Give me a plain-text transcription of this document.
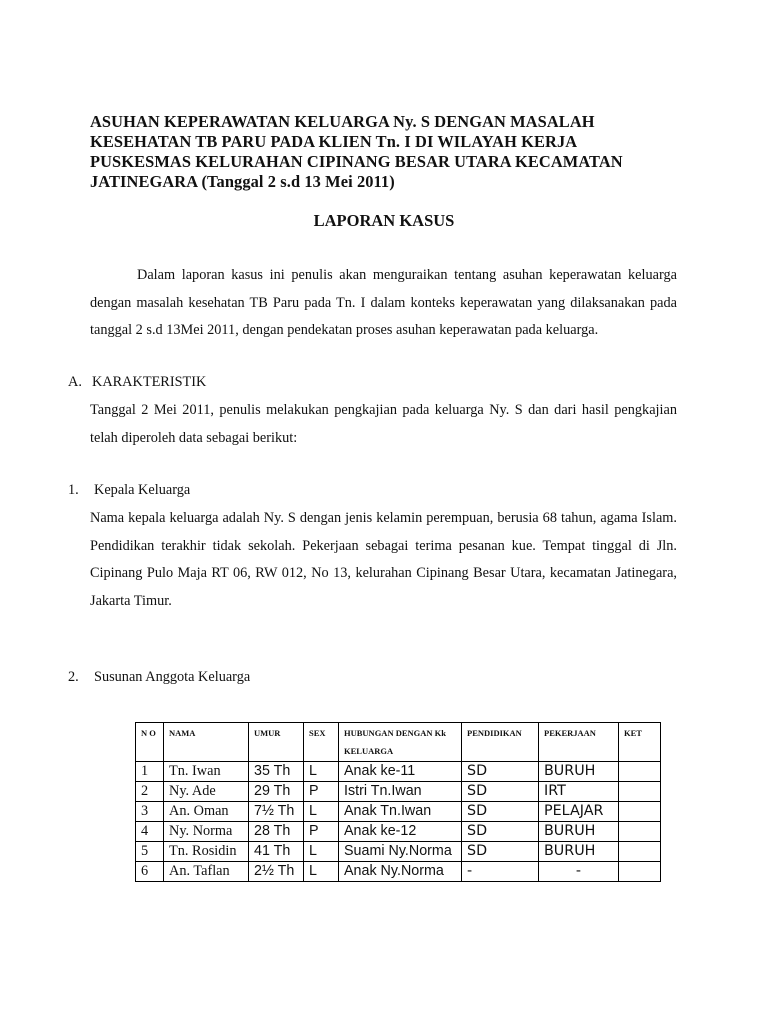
ASUHAN KEPERAWATAN KELUARGA Ny. S DENGAN MASALAH
KESEHATAN TB PARU PADA KLIEN Tn. I DI WILAYAH KERJA
PUSKESMAS KELURAHAN CIPINANG BESAR UTARA KECAMATAN
JATINEGARA (Tanggal 2 s.d 13 Mei 2011)
LAPORAN KASUS

Dalam laporan kasus ini penulis akan menguraikan tentang asuhan keperawatan keluarga dengan masalah kesehatan TB Paru pada Tn. I dalam konteks keperawatan yang dilaksanakan pada tanggal 2 s.d 13Mei 2011, dengan pendekatan proses asuhan keperawatan pada keluarga.

A. KARAKTERISTIK

Tanggal 2 Mei 2011, penulis melakukan pengkajian pada keluarga Ny. S dan dari hasil pengkajian telah diperoleh data sebagai berikut:

1. Kepala Keluarga

Nama kepala keluarga adalah Ny. S dengan jenis kelamin perempuan, berusia 68 tahun, agama Islam. Pendidikan terakhir tidak sekolah. Pekerjaan sebagai terima pesanan kue. Tempat tinggal di Jln. Cipinang Pulo Maja RT 06, RW 012, No 13, kelurahan Cipinang Besar Utara, kecamatan Jatinegara, Jakarta Timur.

2. Susunan Anggota Keluarga
N O	NAMA	UMUR	SEX	HUBUNGAN DENGAN Kk KELUARGA	PENDIDIKAN	PEKERJAAN	KET
1	Tn. Iwan	35 Th	L	Anak ke-11	SD	BURUH	
2	Ny. Ade	29 Th	P	Istri Tn.Iwan	SD	IRT	
3	An. Oman	7½ Th	L	Anak Tn.Iwan	SD	PELAJAR	
4	Ny. Norma	28 Th	P	Anak ke-12	SD	BURUH	
5	Tn. Rosidin	41 Th	L	Suami Ny.Norma	SD	BURUH	
6	An. Taflan	2½ Th	L	Anak Ny.Norma	-	-	
